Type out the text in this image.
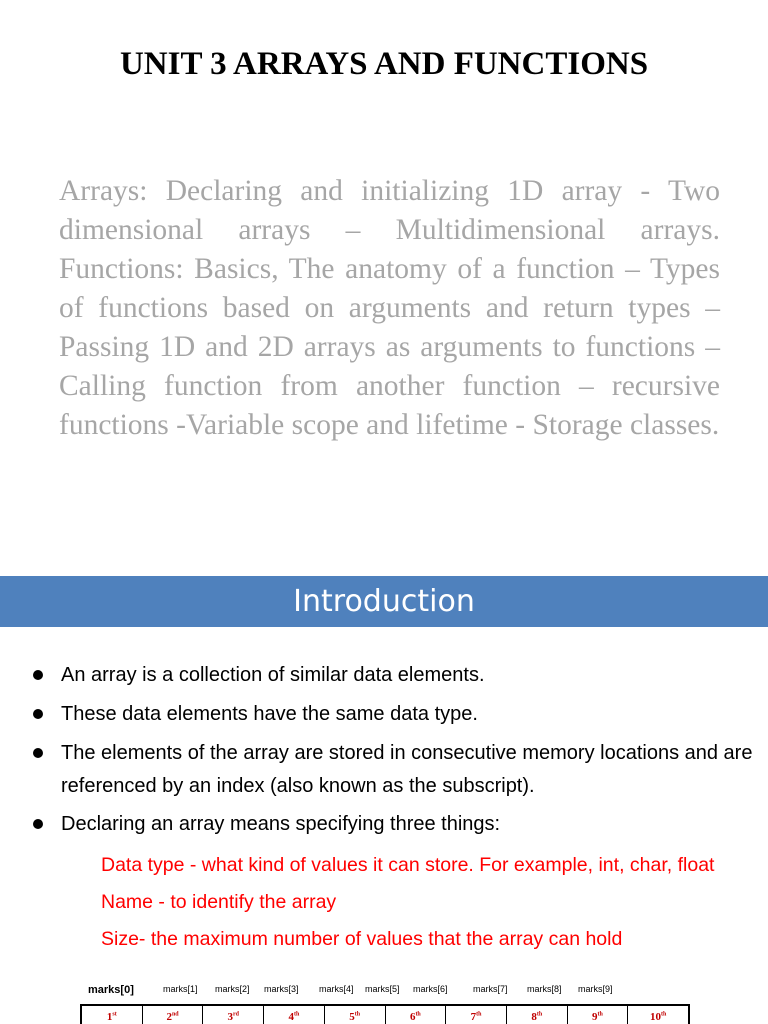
UNIT 3 ARRAYS AND FUNCTIONS
Arrays: Declaring and initializing 1D array - Two dimensional arrays – Multidimensional arrays. Functions: Basics, The anatomy of a function – Types of functions based on arguments and return types – Passing 1D and 2D arrays as arguments to functions – Calling function from another function – recursive functions -Variable scope and lifetime - Storage classes.
Introduction
An array is a collection of similar data elements.
These data elements have the same data type.
The elements of the array are stored in consecutive memory locations and are referenced by an index (also known as the subscript).
Declaring an array means specifying three things:
Data type - what kind of values it can store. For example, int, char, float
Name - to identify the array
Size- the maximum number of values that the array can hold
marks[0]	marks[1] marks[2] marks[3] marks[4] marks[5] marks[6]	marks[7] marks[8] marks[9]
1st	2nd	3rd	4th	5th	6th	7th	8th	9th	10th
